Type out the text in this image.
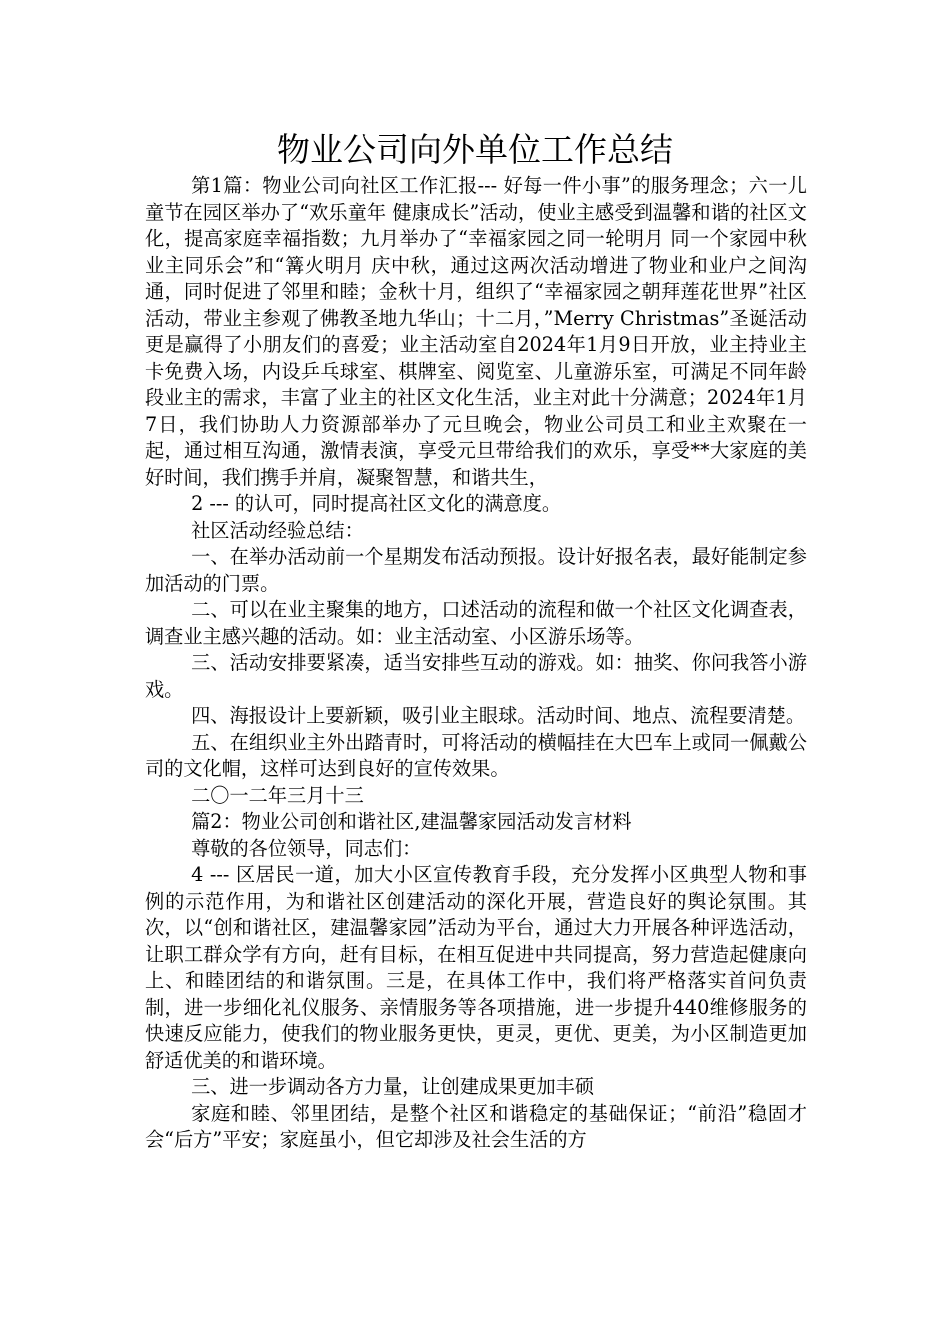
物业公司向外单位工作总结

第1篇：物业公司向社区工作汇报--- 好每一件小事”的服务理念；六一儿童节在园区举办了“欢乐童年 健康成长”活动，使业主感受到温馨和谐的社区文化，提高家庭幸福指数；九月举办了“幸福家园之同一轮明月 同一个家园中秋业主同乐会”和“篝火明月 庆中秋，通过这两次活动增进了物业和业户之间沟通，同时促进了邻里和睦；金秋十月，组织了“幸福家园之朝拜莲花世界”社区活动，带业主参观了佛教圣地九华山；十二月，”Merry Christmas”圣诞活动更是赢得了小朋友们的喜爱；业主活动室自2024年1月9日开放，业主持业主卡免费入场，内设乒乓球室、棋牌室、阅览室、儿童游乐室，可满足不同年龄段业主的需求，丰富了业主的社区文化生活，业主对此十分满意；2024年1月7日，我们协助人力资源部举办了元旦晚会，物业公司员工和业主欢聚在一起，通过相互沟通，激情表演，享受元旦带给我们的欢乐，享受**大家庭的美好时间，我们携手并肩，凝聚智慧，和谐共生，

2 --- 的认可，同时提高社区文化的满意度。

社区活动经验总结：

一、在举办活动前一个星期发布活动预报。设计好报名表，最好能制定参加活动的门票。

二、可以在业主聚集的地方，口述活动的流程和做一个社区文化调查表，调查业主感兴趣的活动。如：业主活动室、小区游乐场等。

三、活动安排要紧凑，适当安排些互动的游戏。如：抽奖、你问我答小游戏。

四、海报设计上要新颖，吸引业主眼球。活动时间、地点、流程要清楚。

五、在组织业主外出踏青时，可将活动的横幅挂在大巴车上或同一佩戴公司的文化帽，这样可达到良好的宣传效果。

二〇一二年三月十三

篇2：物业公司创和谐社区,建温馨家园活动发言材料

尊敬的各位领导，同志们：

4 --- 区居民一道，加大小区宣传教育手段，充分发挥小区典型人物和事例的示范作用，为和谐社区创建活动的深化开展，营造良好的舆论氛围。其次，以“创和谐社区，建温馨家园”活动为平台，通过大力开展各种评选活动，让职工群众学有方向，赶有目标，在相互促进中共同提高，努力营造起健康向上、和睦团结的和谐氛围。三是，在具体工作中，我们将严格落实首问负责制，进一步细化礼仪服务、亲情服务等各项措施，进一步提升440维修服务的快速反应能力，使我们的物业服务更快，更灵，更优、更美，为小区制造更加舒适优美的和谐环境。

三、进一步调动各方力量，让创建成果更加丰硕

家庭和睦、邻里团结，是整个社区和谐稳定的基础保证；“前沿”稳固才会“后方”平安；家庭虽小，但它却涉及社会生活的方
